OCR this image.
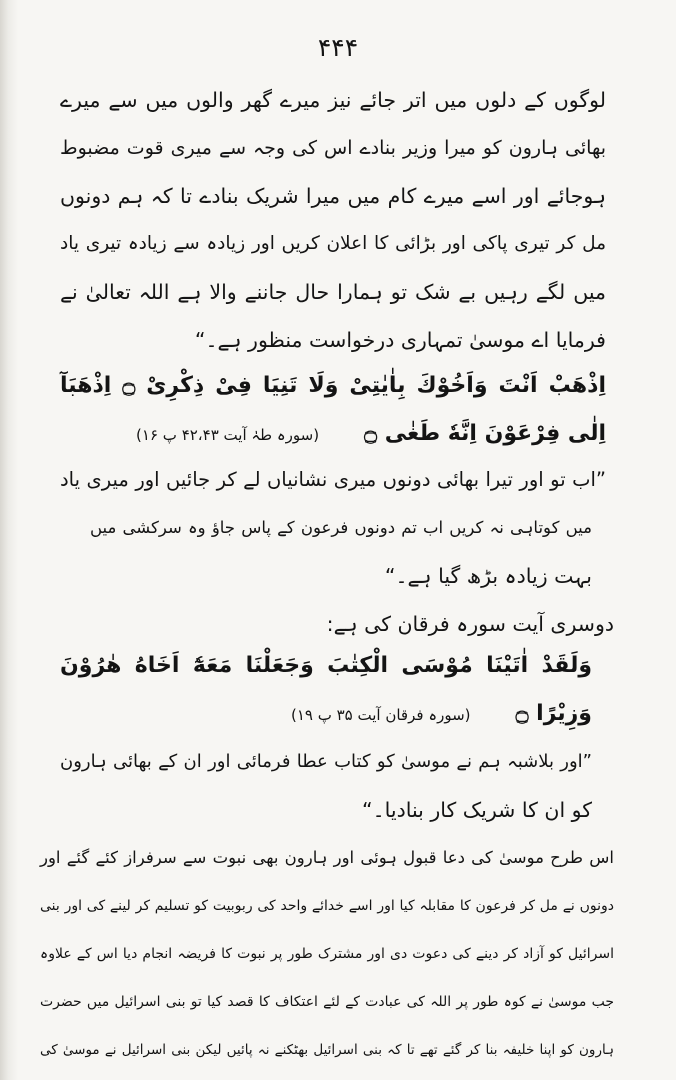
۴۴۴
لوگوں کے دلوں میں اتر جائے نیز میرے گھر والوں میں سے میرے
بھائی ہارون کو میرا وزیر بنادے اس کی وجہ سے میری قوت مضبوط
ہوجائے اور اسے میرے کام میں میرا شریک بنادے تا کہ ہم دونوں
مل کر تیری پاکی اور بڑائی کا اعلان کریں اور زیادہ سے زیادہ تیری یاد
میں لگے رہیں بے شک تو ہمارا حال جاننے والا ہے اللہ تعالیٰ نے
فرمایا اے موسیٰ تمہاری درخواست منظور ہے۔“
اِذْهَبْ اَنْتَ وَاَخُوْكَ بِاٰيٰتِىْ وَلَا تَنِيَا فِىْ ذِكْرِىْ ۝ اِذْهَبَآ
اِلٰى فِرْعَوْنَ اِنَّهٗ طَغٰى ۝ (سورہ طہٰ آیت ۴۲،۴۳ پ ۱۶)
”اب تو اور تیرا بھائی دونوں میری نشانیاں لے کر جائیں اور میری یاد
میں کوتاہی نہ کریں اب تم دونوں فرعون کے پاس جاؤ وہ سرکشی میں
بہت زیادہ بڑھ گیا ہے۔“
دوسری آیت سورہ فرقان کی ہے:
وَلَقَدْ اٰتَيْنَا مُوْسَى الْكِتٰبَ وَجَعَلْنَا مَعَهٗٓ اَخَاهُ هٰرُوْنَ
وَزِيْرًا ۝ (سورہ فرقان آیت ۳۵ پ ۱۹)
”اور بلاشبہ ہم نے موسیٰ کو کتاب عطا فرمائی اور ان کے بھائی ہارون
کو ان کا شریک کار بنادیا۔“
اس طرح موسیٰ کی دعا قبول ہوئی اور ہارون بھی نبوت سے سرفراز کئے گئے اور
دونوں نے مل کر فرعون کا مقابلہ کیا اور اسے خدائے واحد کی ربوبیت کو تسلیم کر لینے کی اور بنی
اسرائیل کو آزاد کر دینے کی دعوت دی اور مشترک طور پر نبوت کا فریضہ انجام دیا اس کے علاوہ
جب موسیٰ نے کوہ طور پر اللہ کی عبادت کے لئے اعتکاف کا قصد کیا تو بنی اسرائیل میں حضرت
ہارون کو اپنا خلیفہ بنا کر گئے تھے تا کہ بنی اسرائیل بھٹکنے نہ پائیں لیکن بنی اسرائیل نے موسیٰ کی
